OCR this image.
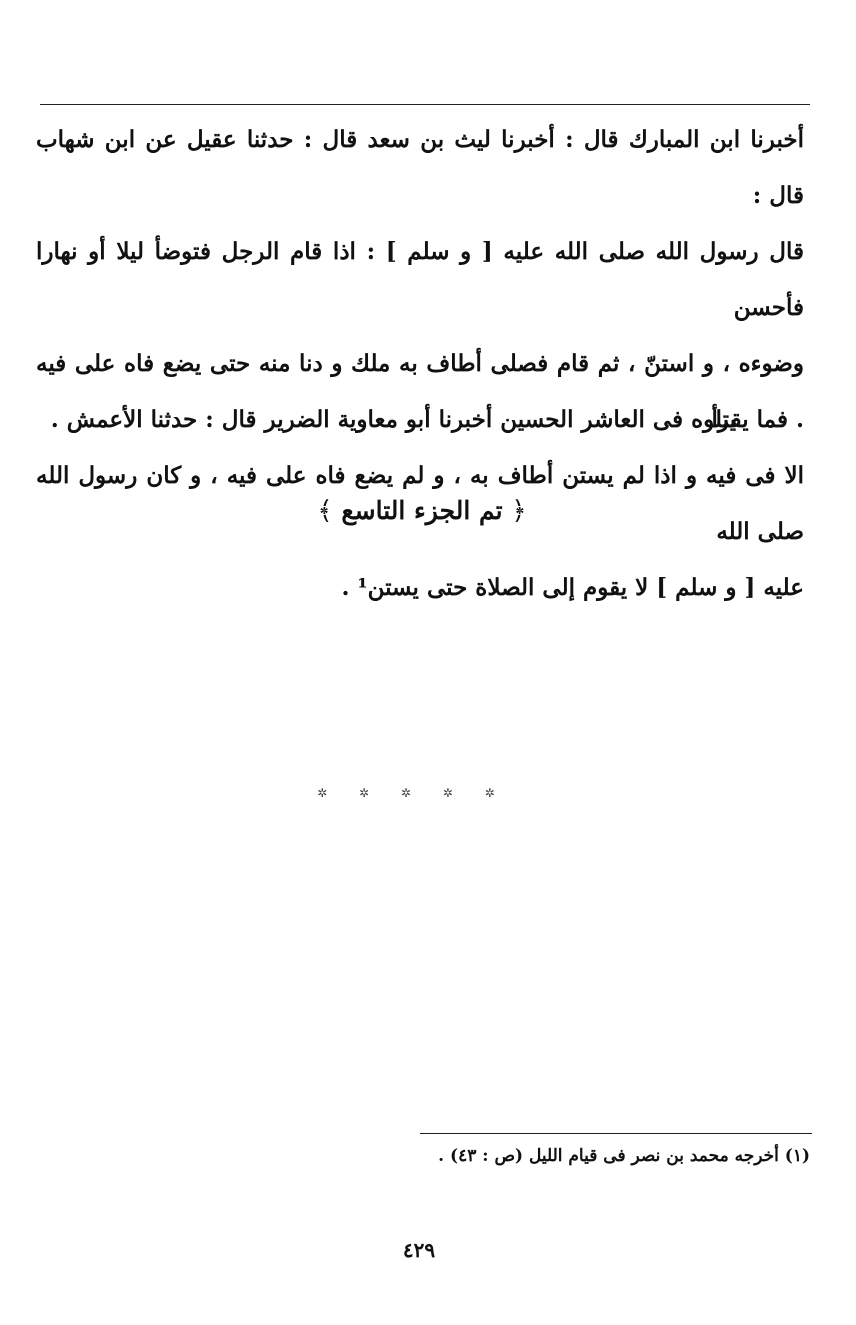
أخبرنا ابن المبارك قال : أخبرنا ليث بن سعد قال : حدثنا عقيل عن ابن شهاب قال :

قال رسول الله صلى الله عليه [ و سلم ] : اذا قام الرجل فتوضأ ليلا أو نهارا فأحسن

وضوءه ، و استنّ ، ثم قام فصلى أطاف به ملك و دنا منه حتى يضع فاه على فيه . فما يقرأ

الا فى فيه و اذا لم يستن أطاف به ، و لم يضع فاه على فيه ، و كان رسول الله صلى الله

عليه [ و سلم ] لا يقوم إلى الصلاة حتى يستن¹ .

يتلوه فى العاشر الحسين أخبرنا أبو معاوية الضرير قال : حدثنا الأعمش .
﴿ تم الجزء التاسع ﴾
✲ ✲ ✲ ✲ ✲
(١) أخرجه محمد بن نصر فى قيام الليل (ص : ٤٣) .
٤٢٩
